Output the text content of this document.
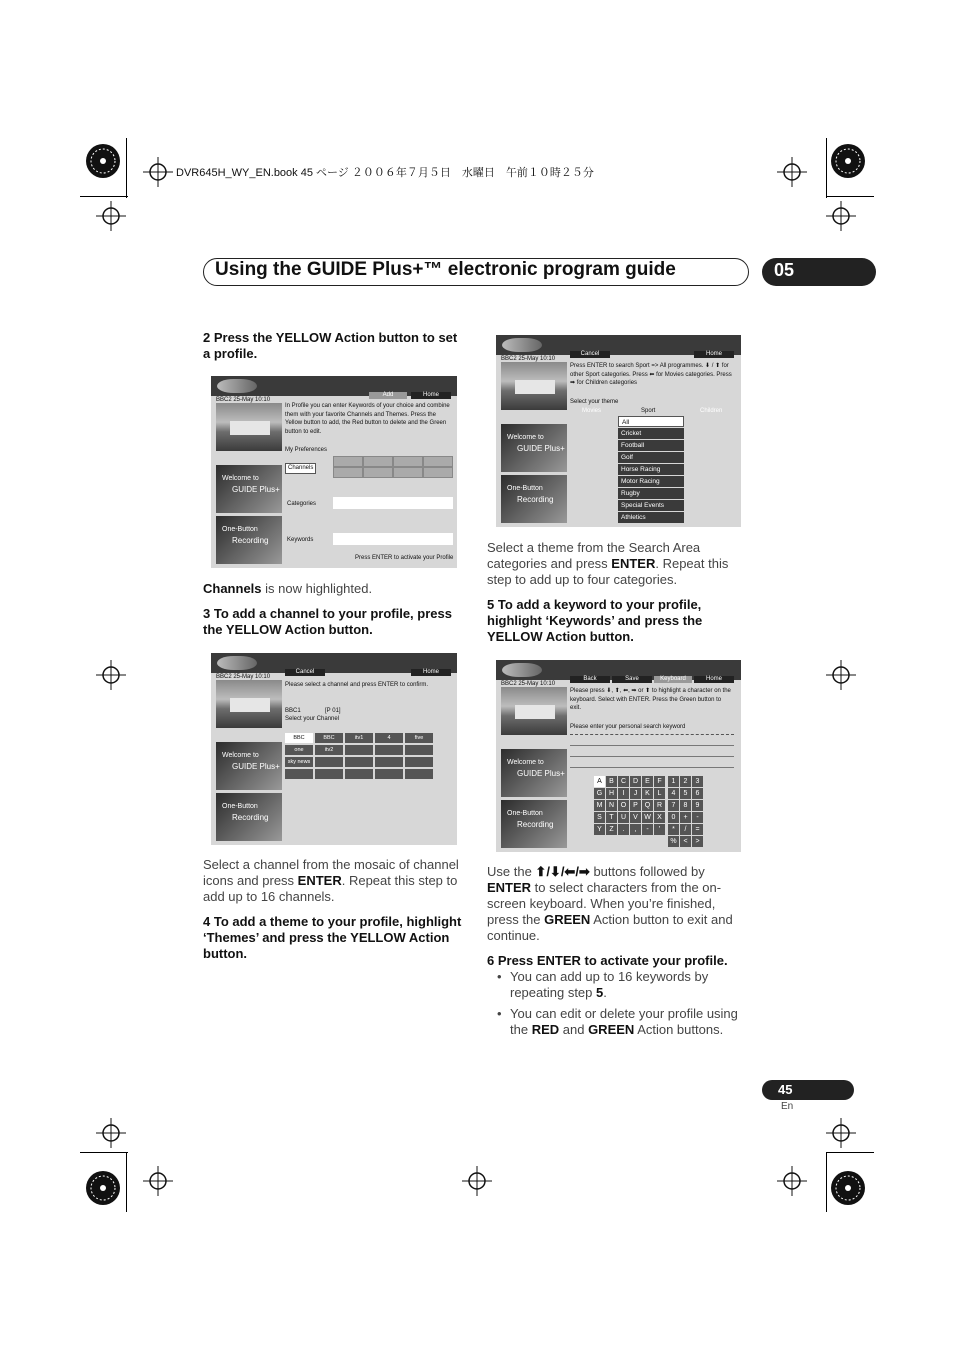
DVR645H_WY_EN.book 45 ページ ２００６年７月５日　水曜日　午前１０時２５分
Using the GUIDE Plus+™ electronic program guide	05
2 Press the YELLOW Action button to set a profile.
Add	Home
BBC2 25-May 10:10
Welcome to
GUIDE Plus+
One-Button
Recording
In Profile you can enter Keywords of your choice and combine them with your favorite Channels and Themes. Press the Yellow button to add, the Red button to delete and the Green button to edit.
My Preferences
Channels
Categories
Keywords
Press ENTER to activate your Profile
Channels is now highlighted.
3 To add a channel to your profile, press the YELLOW Action button.
Cancel	Home
BBC2 25-May 10:10
Welcome to
GUIDE Plus+
One-Button
Recording
Please select a channel and press ENTER to confirm.
BBC1	[P 01]
Select your Channel
BBC	BBC	itv1	4	five
one	itv2
sky news
Select a channel from the mosaic of channel icons and press ENTER. Repeat this step to add up to 16 channels.
4 To add a theme to your profile, highlight ‘Themes’ and press the YELLOW Action button.
Cancel	Home
BBC2 25-May 10:10
Welcome to
GUIDE Plus+
One-Button
Recording
Press ENTER to search Sport => All programmes. ⬇ / ⬆ for other Sport categories. Press ⬅ for Movies categories. Press ➡ for Children categories
Select your theme
Movies	Sport	Children
All
Cricket
Football
Golf
Horse Racing
Motor Racing
Rugby
Special Events
Athletics
Select a theme from the Search Area categories and press ENTER. Repeat this step to add up to four categories.
5 To add a keyword to your profile, highlight ‘Keywords’ and press the YELLOW Action button.
Back	Save	Keyboard	Home
BBC2 25-May 10:10
Welcome to
GUIDE Plus+
One-Button
Recording
Please press ⬇, ⬆, ⬅, ➡ or ⬆ to highlight a character on the keyboard. Select with ENTER. Press the Green button to exit.
Please enter your personal search keyword
A	B	C D	E	F
G H	I	J	K	L
M N O P Q R
S	T	U	V W X
Y	Z	.	,	-	'
1	2	3
4	5	6
7	8	9
0	+	-
*	/	=
% <	>
Use the ⬆/⬇/⬅/➡ buttons followed by ENTER to select characters from the on-screen keyboard. When you’re finished, press the GREEN Action button to exit and continue.
6 Press ENTER to activate your profile.
• You can add up to 16 keywords by repeating step 5.
• You can edit or delete your profile using the RED and GREEN Action buttons.
45
En
